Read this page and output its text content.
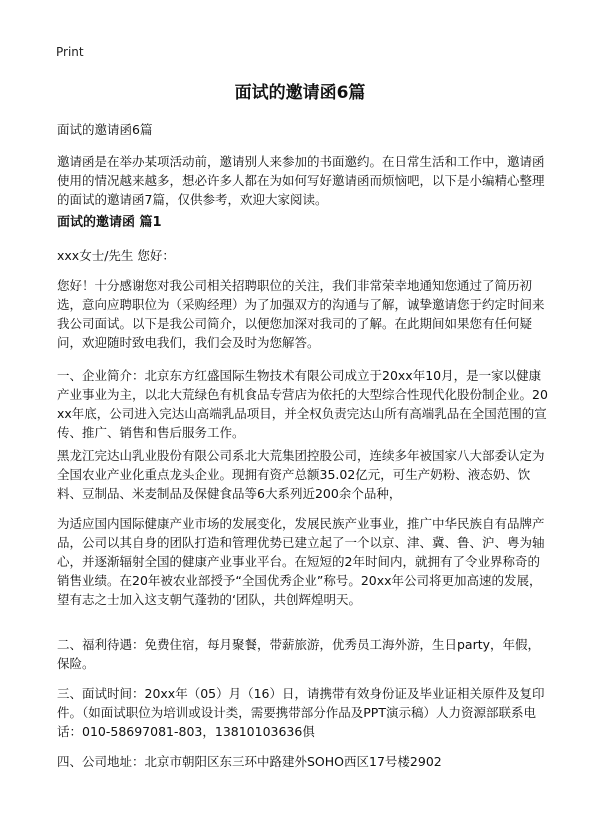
Print
面试的邀请函6篇
面试的邀请函6篇

邀请函是在举办某项活动前，邀请别人来参加的书面邀约。在日常生活和工作中，邀请函使用的情况越来越多，想必许多人都在为如何写好邀请函而烦恼吧，以下是小编精心整理的面试的邀请函7篇，仅供参考，欢迎大家阅读。

面试的邀请函 篇1

xxx女士/先生 您好：

您好！十分感谢您对我公司相关招聘职位的关注，我们非常荣幸地通知您通过了简历初选，意向应聘职位为（采购经理）为了加强双方的沟通与了解，诚挚邀请您于约定时间来我公司面试。以下是我公司简介，以便您加深对我司的了解。在此期间如果您有任何疑问，欢迎随时致电我们，我们会及时为您解答。

一、企业简介：北京东方红盛国际生物技术有限公司成立于20xx年10月，是一家以健康产业事业为主，以北大荒绿色有机食品专营店为依托的大型综合性现代化股份制企业。20xx年底，公司进入完达山高端乳品项目，并全权负责完达山所有高端乳品在全国范围的宣传、推广、销售和售后服务工作。

黑龙江完达山乳业股份有限公司系北大荒集团控股公司，连续多年被国家八大部委认定为全国农业产业化重点龙头企业。现拥有资产总额35.02亿元，可生产奶粉、液态奶、饮料、豆制品、米麦制品及保健食品等6大系列近200余个品种，

为适应国内国际健康产业市场的发展变化，发展民族产业事业，推广中华民族自有品牌产品，公司以其自身的团队打造和管理优势已建立起了一个以京、津、冀、鲁、沪、粤为轴心，并逐渐辐射全国的健康产业事业平台。在短短的2年时间内，就拥有了令业界称奇的销售业绩。在20年被农业部授予“全国优秀企业”称号。20xx年公司将更加高速的发展，望有志之士加入这支朝气蓬勃的‘团队，共创辉煌明天。

二、福利待遇：免费住宿，每月聚餐，带薪旅游，优秀员工海外游，生日party，年假，保险。

三、面试时间：20xx年（05）月（16）日，请携带有效身份证及毕业证相关原件及复印件。（如面试职位为培训或设计类，需要携带部分作品及PPT演示稿）人力资源部联系电话：010-58697081-803，13810103636俱

四、公司地址：北京市朝阳区东三环中路建外SOHO西区17号楼2902
